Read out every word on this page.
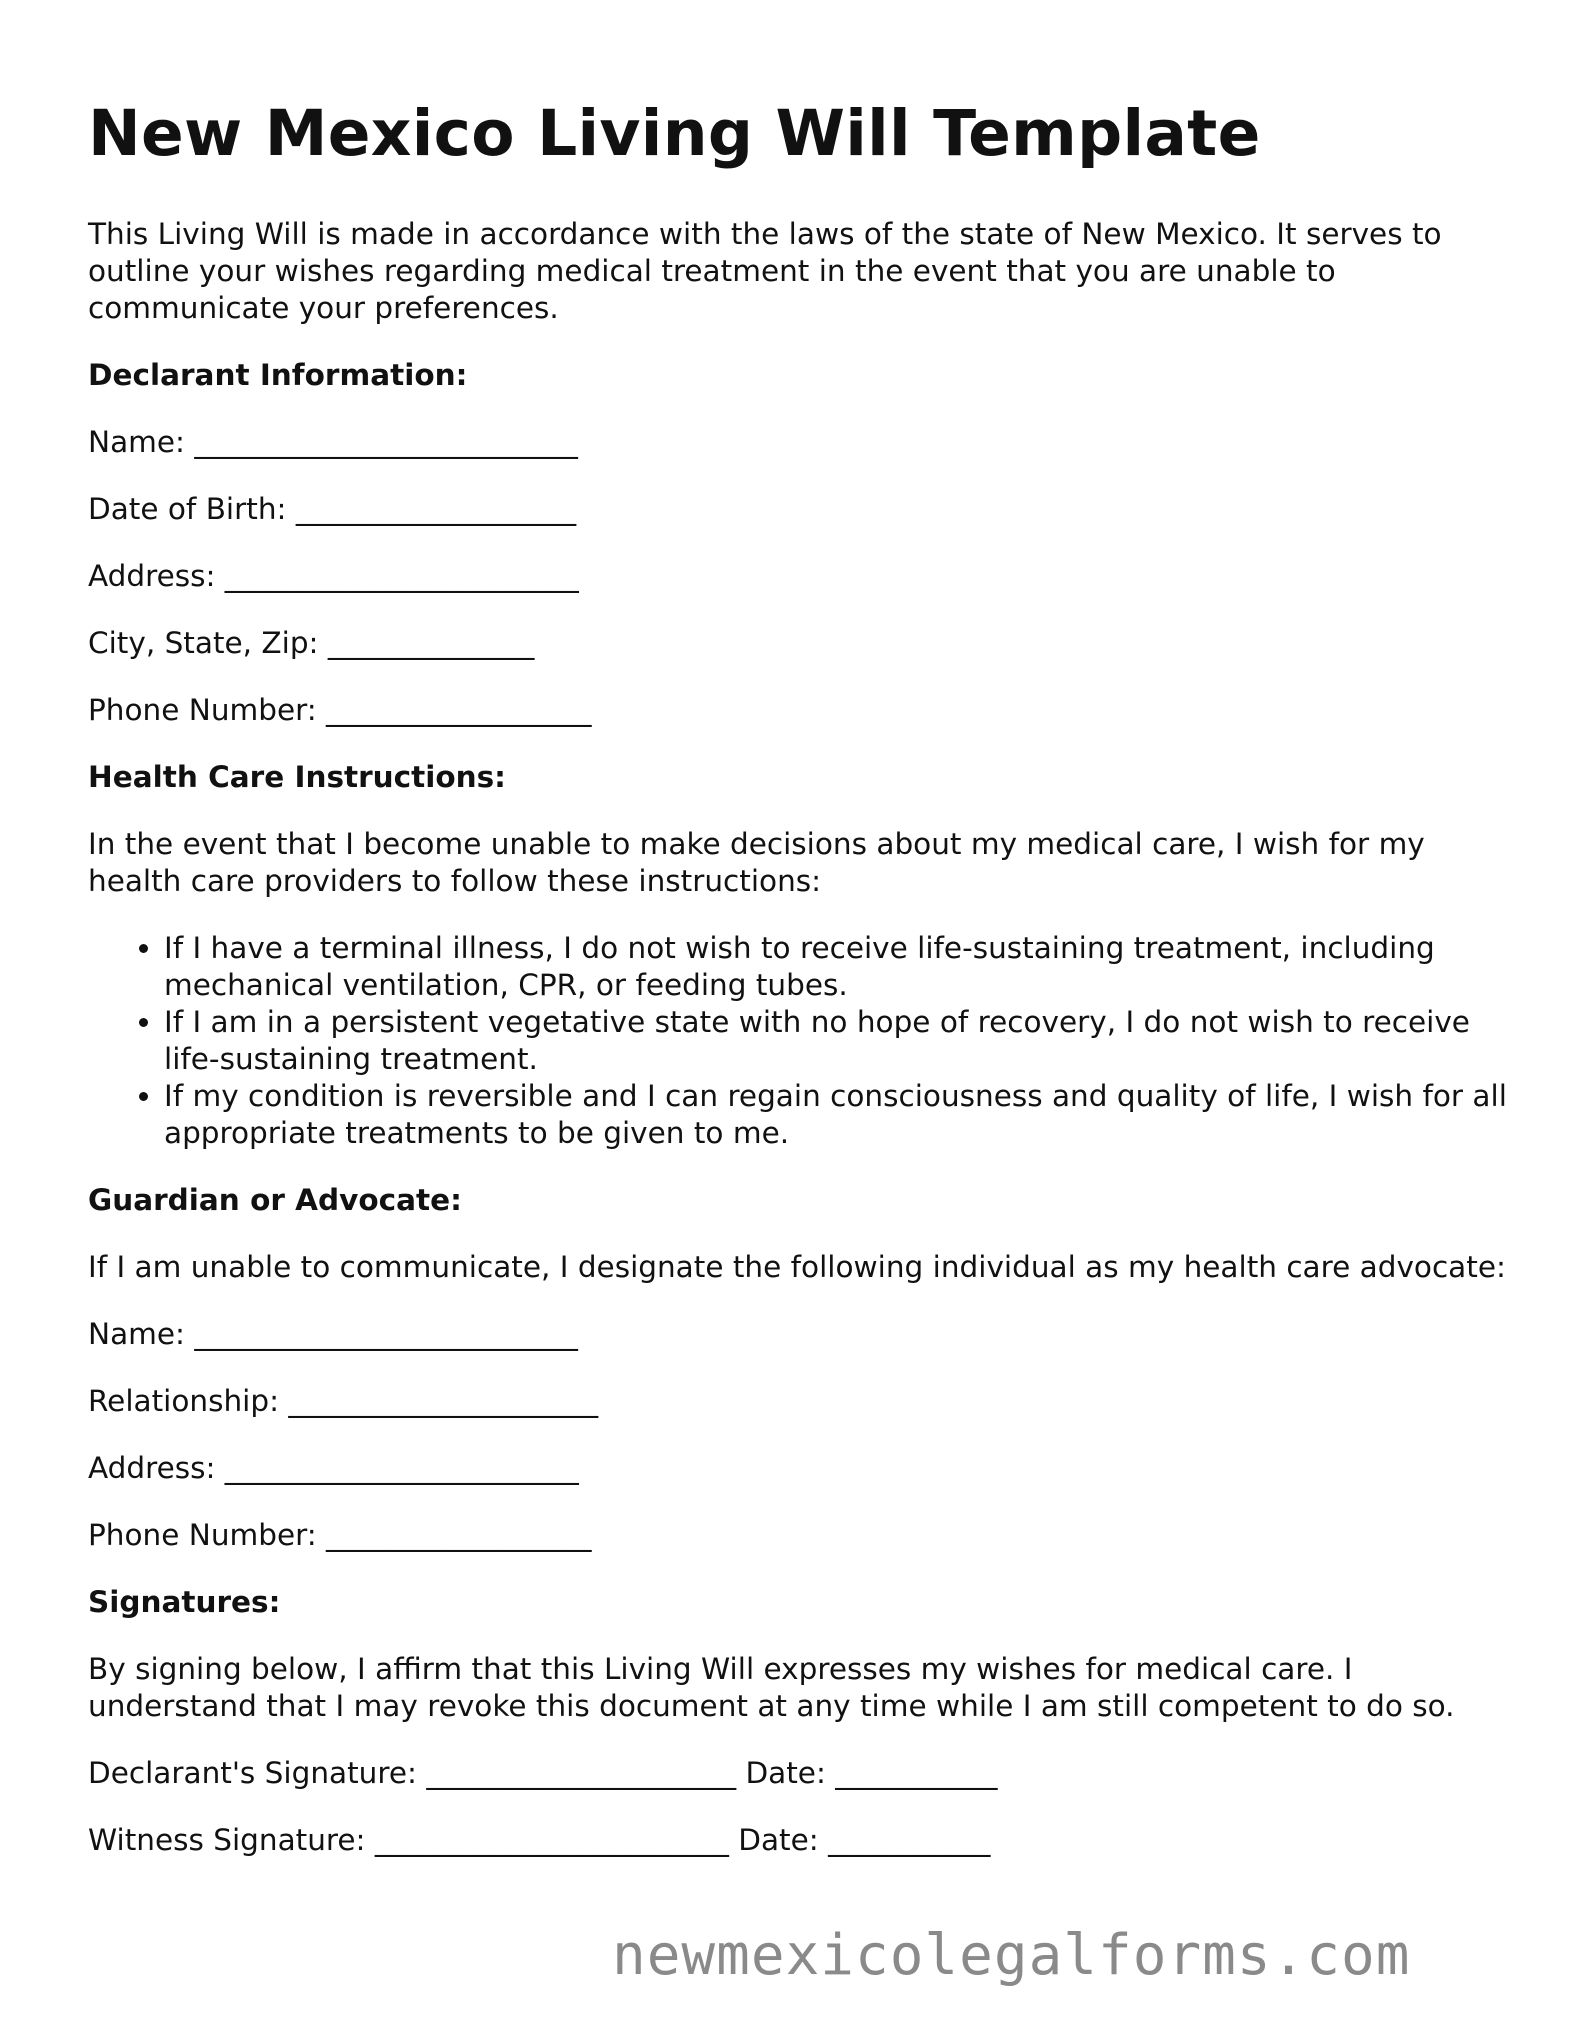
New Mexico Living Will Template

This Living Will is made in accordance with the laws of the state of New Mexico. It serves to outline your wishes regarding medical treatment in the event that you are unable to communicate your preferences.

Declarant Information:

Name: __________________________
Date of Birth: ___________________
Address: ________________________
City, State, Zip: ______________
Phone Number: __________________

Health Care Instructions:

In the event that I become unable to make decisions about my medical care, I wish for my health care providers to follow these instructions:

• If I have a terminal illness, I do not wish to receive life-sustaining treatment, including mechanical ventilation, CPR, or feeding tubes.
• If I am in a persistent vegetative state with no hope of recovery, I do not wish to receive life-sustaining treatment.
• If my condition is reversible and I can regain consciousness and quality of life, I wish for all appropriate treatments to be given to me.

Guardian or Advocate:

If I am unable to communicate, I designate the following individual as my health care advocate:

Name: __________________________
Relationship: _____________________
Address: ________________________
Phone Number: __________________

Signatures:

By signing below, I affirm that this Living Will expresses my wishes for medical care. I understand that I may revoke this document at any time while I am still competent to do so.

Declarant's Signature: _____________________ Date: ___________
Witness Signature: ________________________ Date: ___________
newmexicolegalforms.com
